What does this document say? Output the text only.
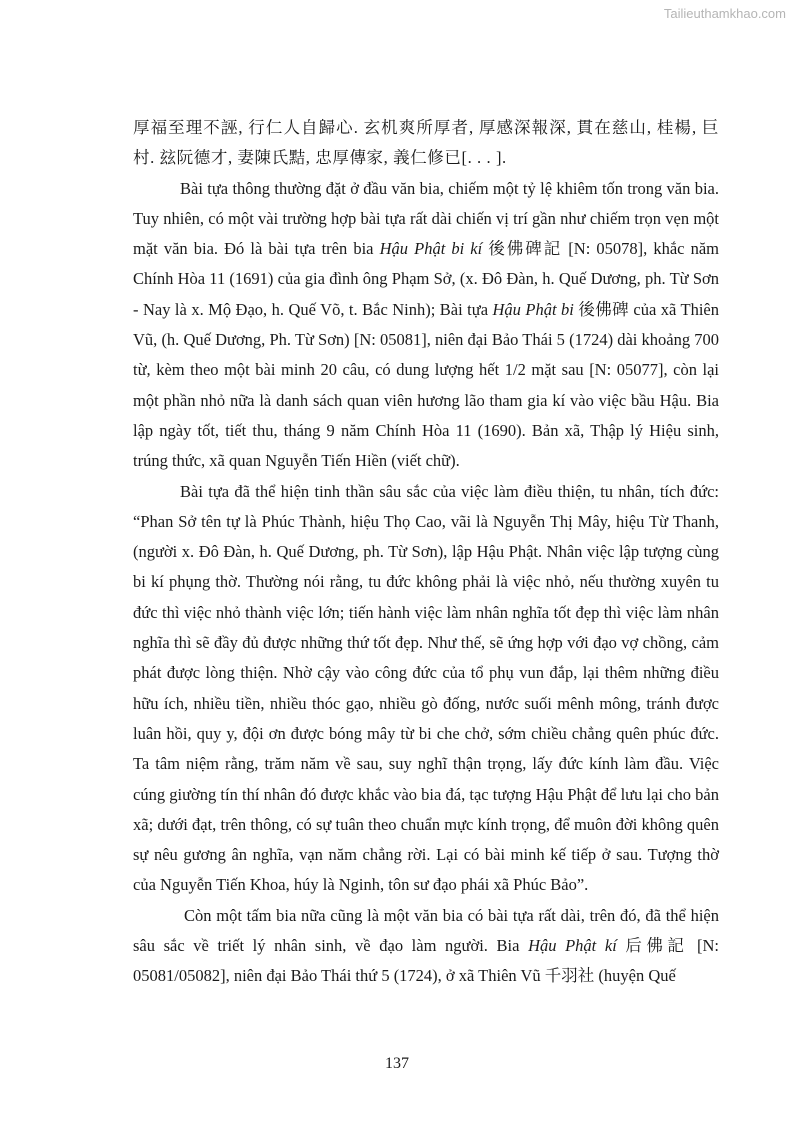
Tailieuthamkhao.com

厚福至理不誣, 行仁人自歸心. 玄机爽所厚者, 厚感深報深, 貫在慈山, 桂楊, 巨村. 玆阮德才, 妻陳氏黠, 忠厚傳家, 義仁修已[. . . ].

Bài tựa thông thường đặt ở đầu văn bia, chiếm một tỷ lệ khiêm tốn trong văn bia. Tuy nhiên, có một vài trường hợp bài tựa rất dài chiến vị trí gần như chiếm trọn vẹn một mặt văn bia. Đó là bài tựa trên bia Hậu Phật bi kí 後佛碑記 [N: 05078], khắc năm Chính Hòa 11 (1691) của gia đình ông Phạm Sở, (x. Đô Đàn, h. Quế Dương, ph. Từ Sơn - Nay là x. Mộ Đạo, h. Quế Võ, t. Bắc Ninh); Bài tựa Hậu Phật bi 後佛碑 của xã Thiên Vũ, (h. Quế Dương, Ph. Từ Sơn) [N: 05081], niên đại Bảo Thái 5 (1724) dài khoảng 700 từ, kèm theo một bài minh 20 câu, có dung lượng hết 1/2 mặt sau [N: 05077], còn lại một phần nhỏ nữa là danh sách quan viên hương lão tham gia kí vào việc bầu Hậu. Bia lập ngày tốt, tiết thu, tháng 9 năm Chính Hòa 11 (1690). Bản xã, Thập lý Hiệu sinh, trúng thức, xã quan Nguyễn Tiến Hiền (viết chữ).

Bài tựa đã thể hiện tinh thần sâu sắc của việc làm điều thiện, tu nhân, tích đức: “Phan Sở tên tự là Phúc Thành, hiệu Thọ Cao, vãi là Nguyễn Thị Mây, hiệu Từ Thanh, (người x. Đô Đàn, h. Quế Dương, ph. Từ Sơn), lập Hậu Phật. Nhân việc lập tượng cùng bi kí phụng thờ. Thường nói rằng, tu đức không phải là việc nhỏ, nếu thường xuyên tu đức thì việc nhỏ thành việc lớn; tiến hành việc làm nhân nghĩa tốt đẹp thì việc làm nhân nghĩa thì sẽ đầy đủ được những thứ tốt đẹp. Như thế, sẽ ứng hợp với đạo vợ chồng, cảm phát được lòng thiện. Nhờ cậy vào công đức của tổ phụ vun đắp, lại thêm những điều hữu ích, nhiều tiền, nhiều thóc gạo, nhiều gò đống, nước suối mênh mông, tránh được luân hồi, quy y, đội ơn được bóng mây từ bi che chở, sớm chiều chẳng quên phúc đức. Ta tâm niệm rằng, trăm năm về sau, suy nghĩ thận trọng, lấy đức kính làm đầu. Việc cúng giường tín thí nhân đó được khắc vào bia đá, tạc tượng Hậu Phật để lưu lại cho bản xã; dưới đạt, trên thông, có sự tuân theo chuẩn mực kính trọng, để muôn đời không quên sự nêu gương ân nghĩa, vạn năm chẳng rời. Lại có bài minh kế tiếp ở sau. Tượng thờ của Nguyễn Tiến Khoa, húy là Nginh, tôn sư đạo phái xã Phúc Bảo”.

Còn một tấm bia nữa cũng là một văn bia có bài tựa rất dài, trên đó, đã thể hiện sâu sắc về triết lý nhân sinh, về đạo làm người. Bia Hậu Phật kí 后佛記 [N: 05081/05082], niên đại Bảo Thái thứ 5 (1724), ở xã Thiên Vũ 千羽社 (huyện Quế

137
